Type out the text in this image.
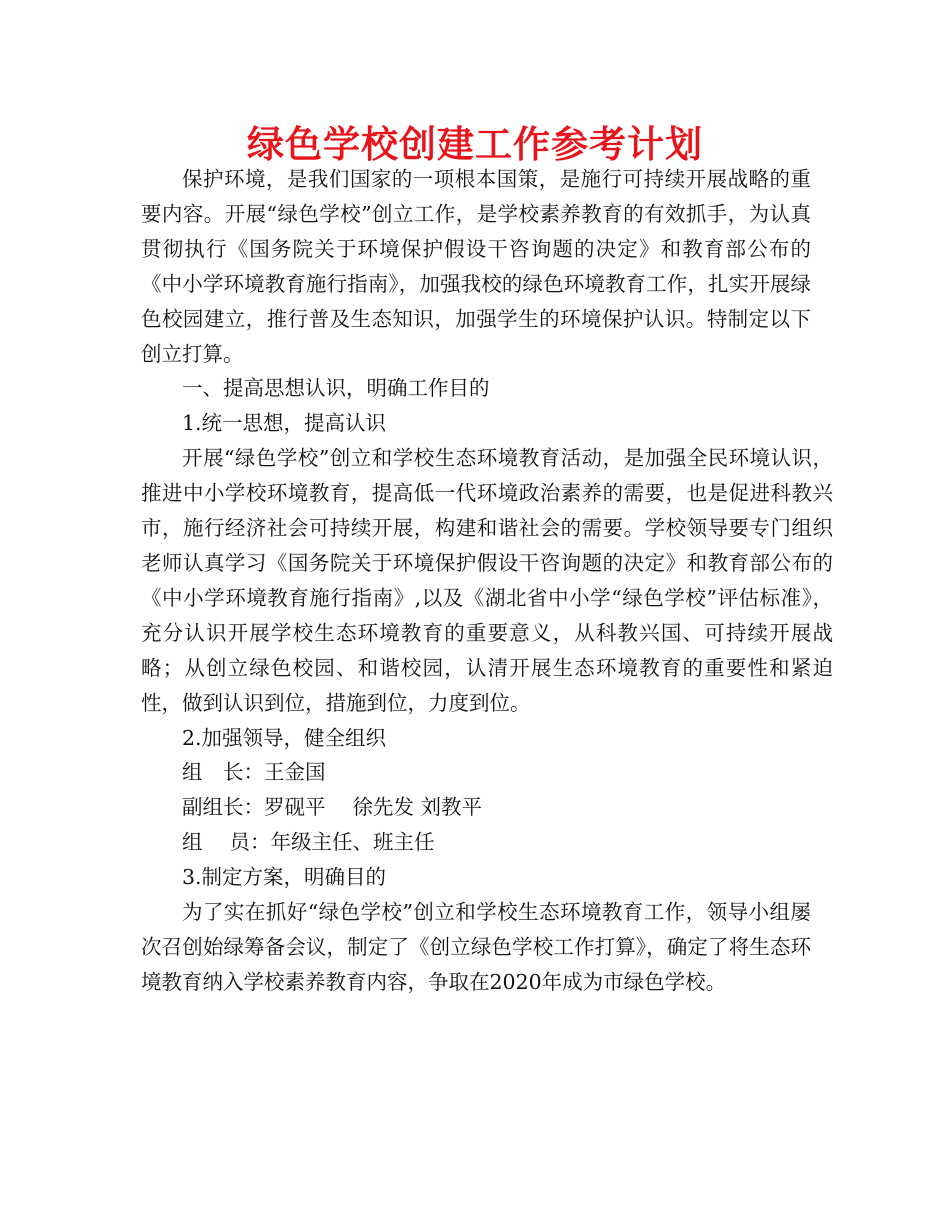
绿色学校创建工作参考计划

保护环境，是我们国家的一项根本国策，是施行可持续开展战略的重要内容。开展“绿色学校”创立工作，是学校素养教育的有效抓手，为认真贯彻执行《国务院关于环境保护假设干咨询题的决定》和教育部公布的《中小学环境教育施行指南》，加强我校的绿色环境教育工作，扎实开展绿色校园建立，推行普及生态知识，加强学生的环境保护认识。特制定以下创立打算。

一、提高思想认识，明确工作目的

1.统一思想，提高认识

开展“绿色学校”创立和学校生态环境教育活动，是加强全民环境认识，推进中小学校环境教育，提高低一代环境政治素养的需要，也是促进科教兴市，施行经济社会可持续开展，构建和谐社会的需要。学校领导要专门组织老师认真学习《国务院关于环境保护假设干咨询题的决定》和教育部公布的《中小学环境教育施行指南》,以及《湖北省中小学“绿色学校”评估标准》，充分认识开展学校生态环境教育的重要意义，从科教兴国、可持续开展战略；从创立绿色校园、和谐校园，认清开展生态环境教育的重要性和紧迫性，做到认识到位，措施到位，力度到位。

2.加强领导，健全组织

组　长：王金国

副组长：罗砚平　 徐先发 刘教平

组　 员：年级主任、班主任

3.制定方案，明确目的

为了实在抓好“绿色学校”创立和学校生态环境教育工作，领导小组屡次召创始绿筹备会议，制定了《创立绿色学校工作打算》，确定了将生态环境教育纳入学校素养教育内容，争取在2020年成为市绿色学校。
